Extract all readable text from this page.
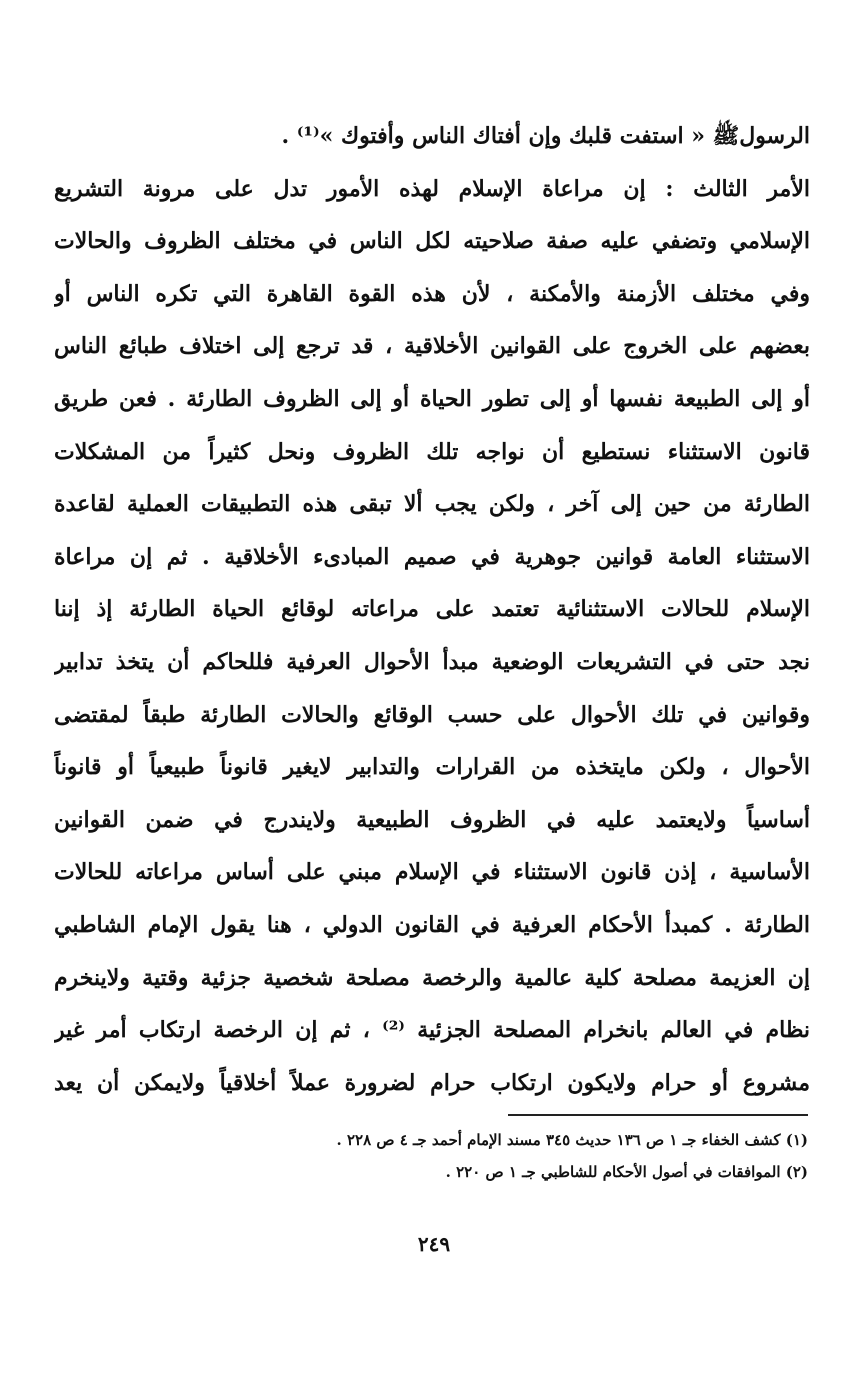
الرسولﷺ « استفت قلبك وإن أفتاك الناس وأفتوك »⁽¹⁾ .
الأمر الثالث : إن مراعاة الإسلام لهذه الأمور تدل على مرونة التشريع
الإسلامي وتضفي عليه صفة صلاحيته لكل الناس في مختلف الظروف والحالات
وفي مختلف الأزمنة والأمكنة ، لأن هذه القوة القاهرة التي تكره الناس أو
بعضهم على الخروج على القوانين الأخلاقية ، قد ترجع إلى اختلاف طبائع الناس
أو إلى الطبيعة نفسها أو إلى تطور الحياة أو إلى الظروف الطارئة . فعن طريق
قانون الاستثناء نستطيع أن نواجه تلك الظروف ونحل كثيراً من المشكلات
الطارئة من حين إلى آخر ، ولكن يجب ألا تبقى هذه التطبيقات العملية لقاعدة
الاستثناء العامة قوانين جوهرية في صميم المبادىء الأخلاقية . ثم إن مراعاة
الإسلام للحالات الاستثنائية تعتمد على مراعاته لوقائع الحياة الطارئة إذ إننا
نجد حتى في التشريعات الوضعية مبدأ الأحوال العرفية فللحاكم أن يتخذ تدابير
وقوانين في تلك الأحوال على حسب الوقائع والحالات الطارئة طبقاً لمقتضى
الأحوال ، ولكن مايتخذه من القرارات والتدابير لايغير قانوناً طبيعياً أو قانوناً
أساسياً ولايعتمد عليه في الظروف الطبيعية ولايندرج في ضمن القوانين
الأساسية ، إذن قانون الاستثناء في الإسلام مبني على أساس مراعاته للحالات
الطارئة . كمبدأ الأحكام العرفية في القانون الدولي ، هنا يقول الإمام الشاطبي
إن العزيمة مصلحة كلية عالمية والرخصة مصلحة شخصية جزئية وقتية ولاينخرم
نظام في العالم بانخرام المصلحة الجزئية ⁽²⁾ ، ثم إن الرخصة ارتكاب أمر غير
مشروع أو حرام ولايكون ارتكاب حرام لضرورة عملاً أخلاقياً ولايمكن أن يعد
(١) كشف الخفاء جـ ١ ص ١٣٦ حديث ٣٤٥ مسند الإمام أحمد جـ ٤ ص ٢٢٨ .
(٢) الموافقات في أصول الأحكام للشاطبي جـ ١ ص ٢٢٠ .
٢٤٩
